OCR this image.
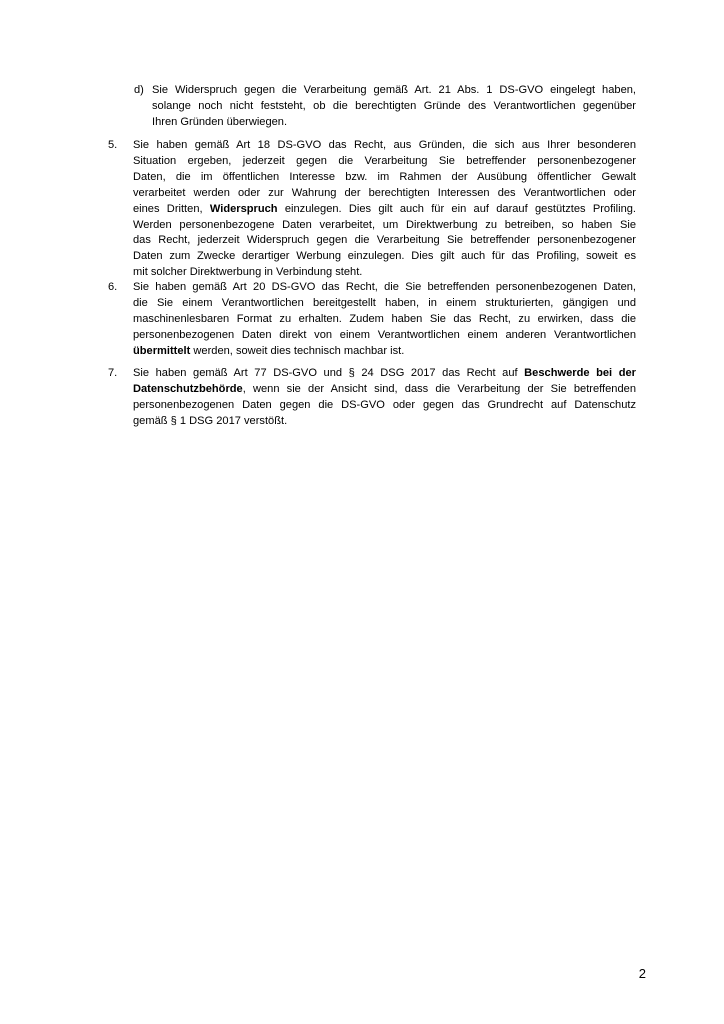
d) Sie Widerspruch gegen die Verarbeitung gemäß Art. 21 Abs. 1 DS-GVO eingelegt haben,
solange noch nicht feststeht, ob die berechtigten Gründe des Verantwortlichen gegenüber
Ihren Gründen überwiegen.
5. Sie haben gemäß Art 18 DS-GVO das Recht, aus Gründen, die sich aus Ihrer besonderen
Situation ergeben, jederzeit gegen die Verarbeitung Sie betreffender personenbezogener
Daten, die im öffentlichen Interesse bzw. im Rahmen der Ausübung öffentlicher Gewalt
verarbeitet werden oder zur Wahrung der berechtigten Interessen des Verantwortlichen oder
eines Dritten, Widerspruch einzulegen. Dies gilt auch für ein auf darauf gestütztes Profiling.
Werden personenbezogene Daten verarbeitet, um Direktwerbung zu betreiben, so haben Sie
das Recht, jederzeit Widerspruch gegen die Verarbeitung Sie betreffender personenbezogener
Daten zum Zwecke derartiger Werbung einzulegen. Dies gilt auch für das Profiling, soweit es
mit solcher Direktwerbung in Verbindung steht.
6. Sie haben gemäß Art 20 DS-GVO das Recht, die Sie betreffenden personenbezogenen Daten,
die Sie einem Verantwortlichen bereitgestellt haben, in einem strukturierten, gängigen und
maschinenlesbaren Format zu erhalten. Zudem haben Sie das Recht, zu erwirken, dass die
personenbezogenen Daten direkt von einem Verantwortlichen einem anderen Verantwortlichen
übermittelt werden, soweit dies technisch machbar ist.
7. Sie haben gemäß Art 77 DS-GVO und § 24 DSG 2017 das Recht auf Beschwerde bei der
Datenschutzbehörde, wenn sie der Ansicht sind, dass die Verarbeitung der Sie betreffenden
personenbezogenen Daten gegen die DS-GVO oder gegen das Grundrecht auf Datenschutz
gemäß § 1 DSG 2017 verstößt.
2
